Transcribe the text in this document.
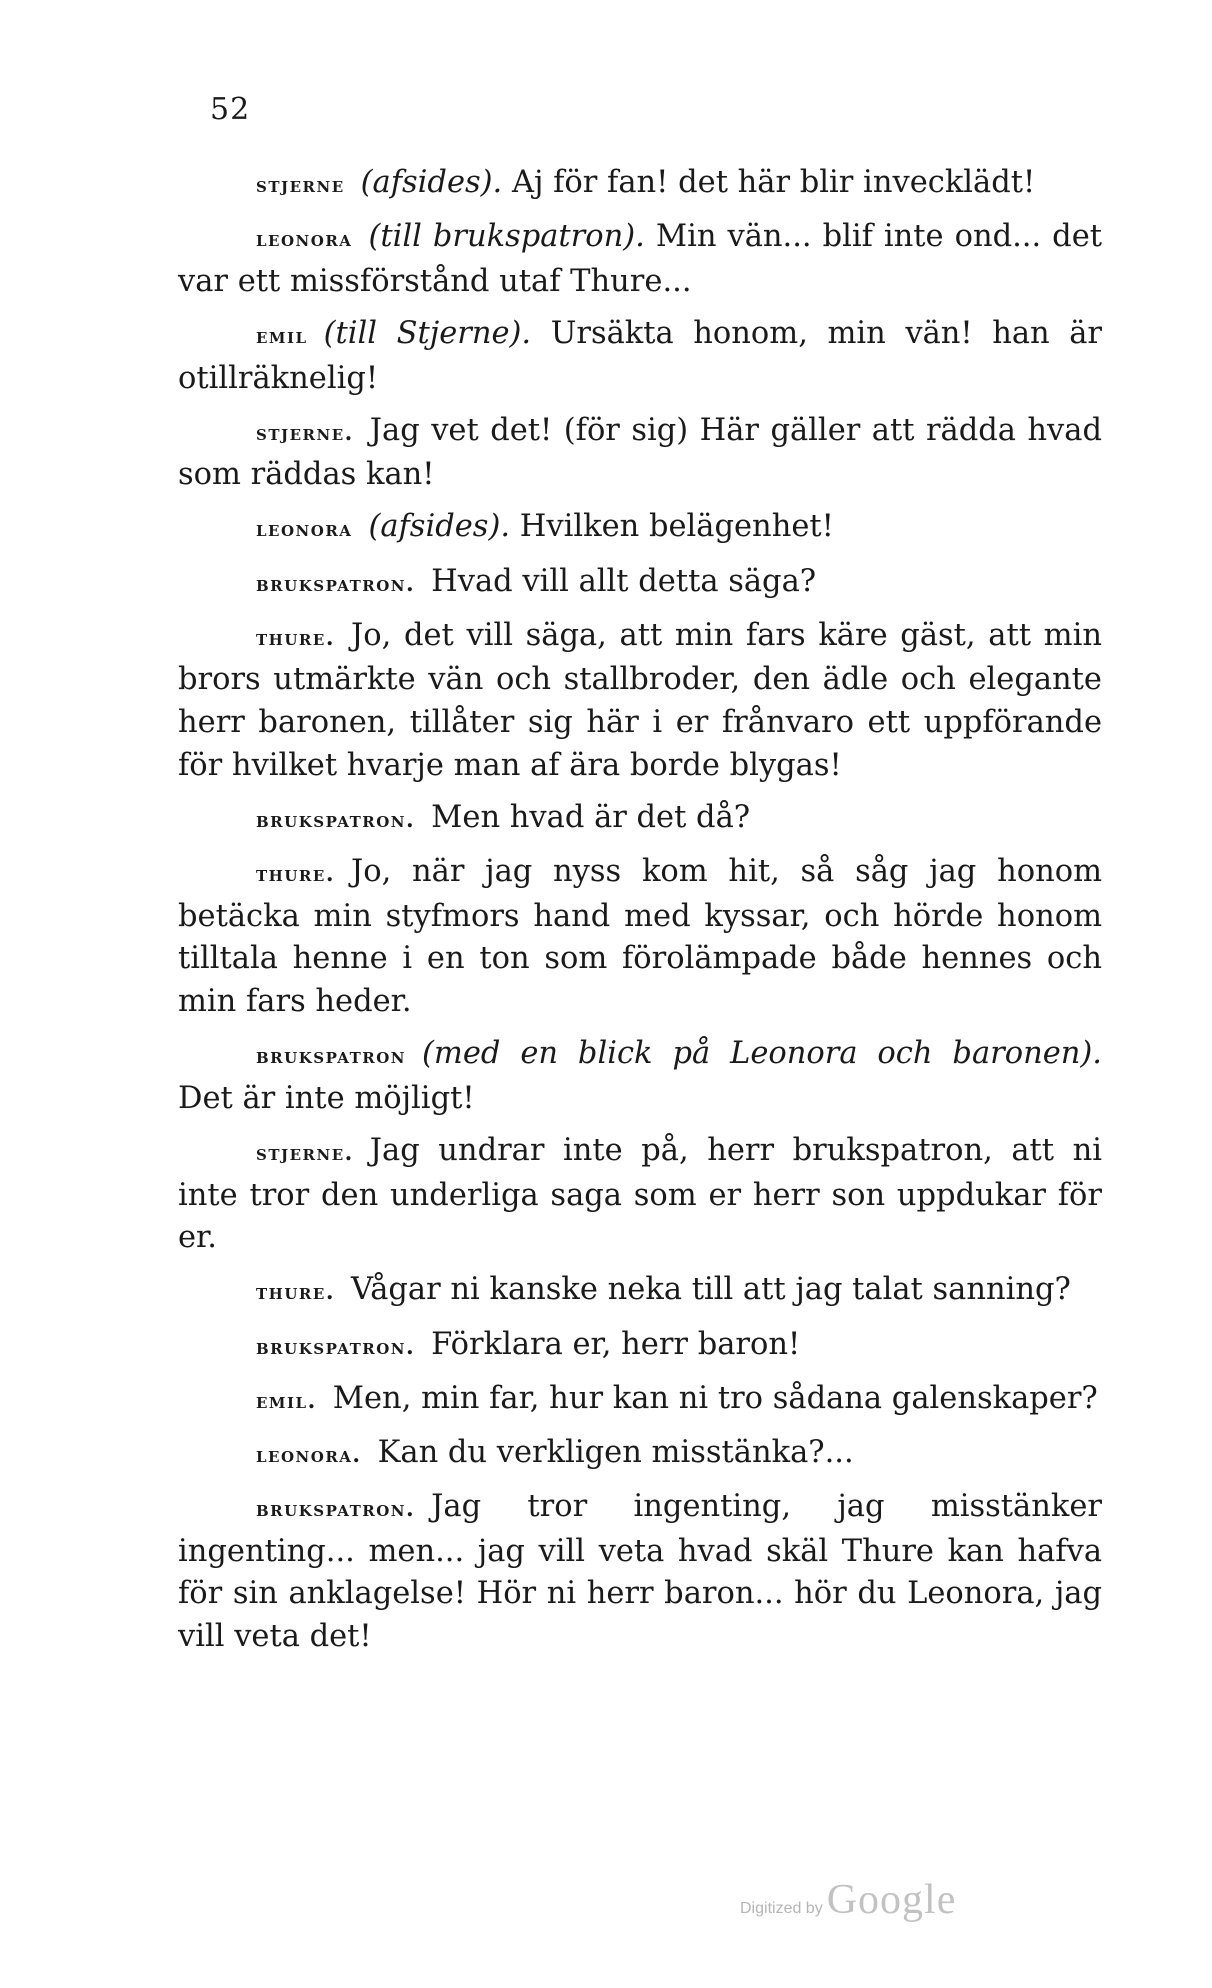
52

stjerne (afsides). Aj för fan! det här blir invecklädt!

leonora (till brukspatron). Min vän... blif inte ond... det var ett missförstånd utaf Thure...

emil (till Stjerne). Ursäkta honom, min vän! han är otillräknelig!

stjerne. Jag vet det! (för sig) Här gäller att rädda hvad som räddas kan!

leonora (afsides). Hvilken belägenhet!

brukspatron. Hvad vill allt detta säga?

thure. Jo, det vill säga, att min fars käre gäst, att min brors utmärkte vän och stallbroder, den ädle och elegante herr baronen, tillåter sig här i er frånvaro ett uppförande för hvilket hvarje man af ära borde blygas!

brukspatron. Men hvad är det då?

thure. Jo, när jag nyss kom hit, så såg jag honom betäcka min styfmors hand med kyssar, och hörde honom tilltala henne i en ton som förolämpade både hennes och min fars heder.

brukspatron (med en blick på Leonora och baronen). Det är inte möjligt!

stjerne. Jag undrar inte på, herr brukspatron, att ni inte tror den underliga saga som er herr son uppdukar för er.

thure. Vågar ni kanske neka till att jag talat sanning?

brukspatron. Förklara er, herr baron!

emil. Men, min far, hur kan ni tro sådana galenskaper?

leonora. Kan du verkligen misstänka?...

brukspatron. Jag tror ingenting, jag misstänker ingenting... men... jag vill veta hvad skäl Thure kan hafva för sin anklagelse! Hör ni herr baron... hör du Leonora, jag vill veta det!

Digitized by Google
